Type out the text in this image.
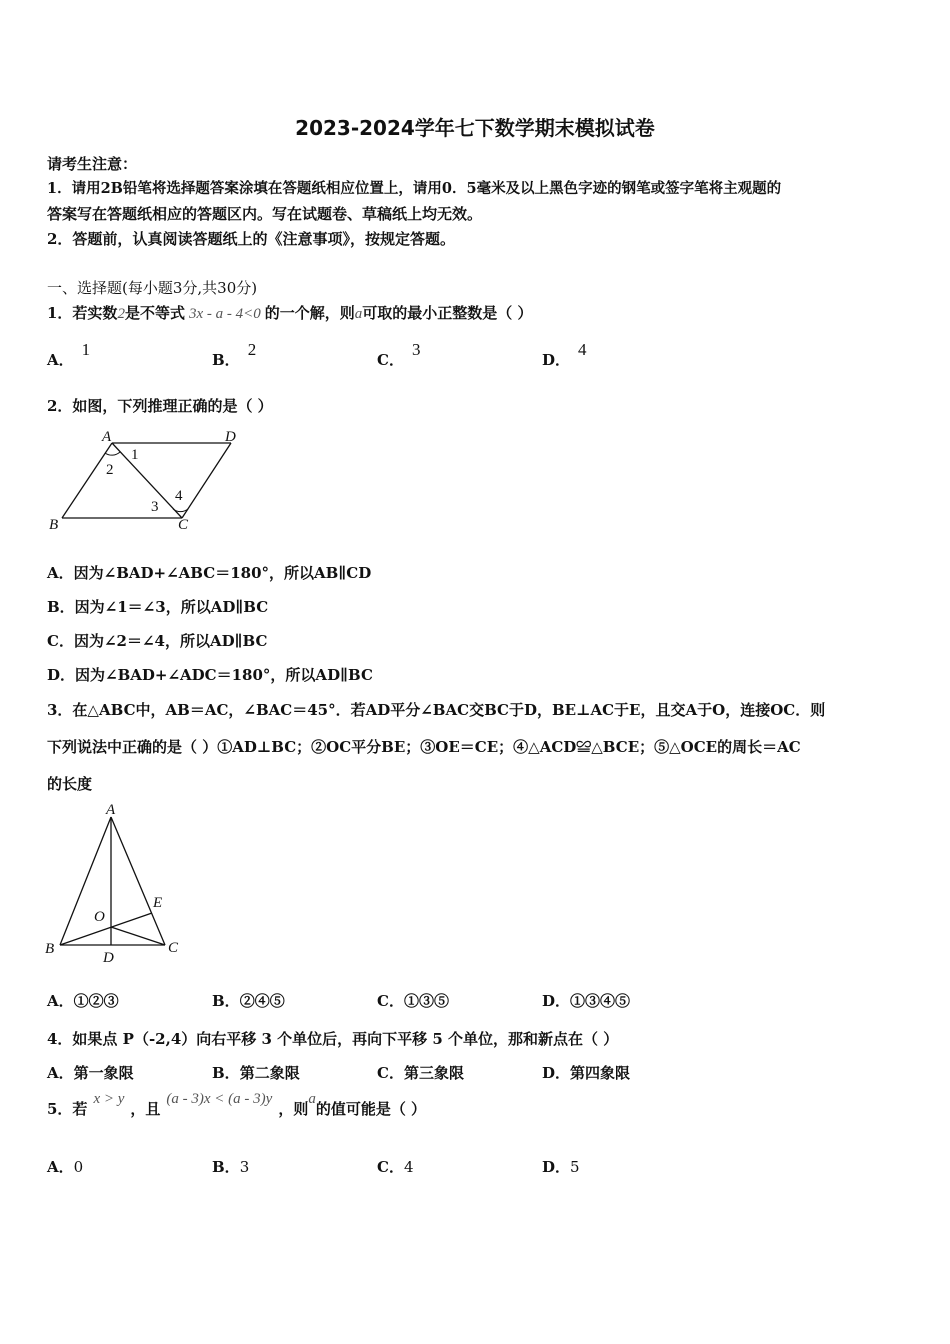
2023-2024学年七下数学期末模拟试卷
请考生注意：
1．请用2B铅笔将选择题答案涂填在答题纸相应位置上，请用0．5毫米及以上黑色字迹的钢笔或签字笔将主观题的
答案写在答题纸相应的答题区内。写在试题卷、草稿纸上均无效。
2．答题前，认真阅读答题纸上的《注意事项》，按规定答题。
一、选择题(每小题3分,共30分)
1．若实数2是不等式 3x - a - 4<0 的一个解，则a可取的最小正整数是（ ）
A．1
B．2
C．3
D．4
2．如图，下列推理正确的是（ ）
A	D
B	C
1
2
3
4
A．因为∠BAD+∠ABC＝180°，所以AB∥CD
B．因为∠1＝∠3，所以AD∥BC
C．因为∠2＝∠4，所以AD∥BC
D．因为∠BAD+∠ADC＝180°，所以AD∥BC
3．在△ABC中，AB＝AC，∠BAC＝45°．若AD平分∠BAC交BC于D，BE⊥AC于E，且交A于O，连接OC．则
下列说法中正确的是（ ）①AD⊥BC；②OC平分BE；③OE＝CE；④△ACD≌△BCE；⑤△OCE的周长＝AC
的长度
A
B	C
D
E
O
A．①②③	B．②④⑤	C．①③⑤	D．①③④⑤
4．如果点 P（-2,4）向右平移 3 个单位后，再向下平移 5 个单位，那和新点在（ ）
A．第一象限	B．第二象限	C．第三象限	D．第四象限
5．若x > y，且(a - 3)x < (a - 3)y，则a的值可能是（ ）
A．0	B．3	C．4	D．5
